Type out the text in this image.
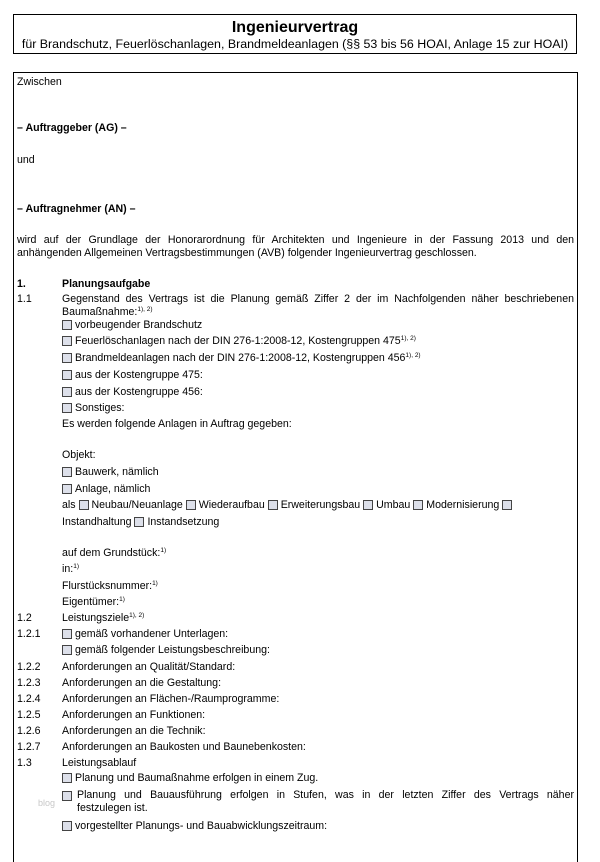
Ingenieurvertrag
für Brandschutz, Feuerlöschanlagen, Brandmeldeanlagen (§§ 53 bis 56 HOAI, Anlage 15 zur HOAI)
Zwischen
– Auftraggeber (AG) –
und
– Auftragnehmer (AN) –
wird auf der Grundlage der Honorarordnung für Architekten und Ingenieure in der Fassung 2013 und den
anhängenden Allgemeinen Vertragsbestimmungen (AVB) folgender Ingenieurvertrag geschlossen.
1.	Planungsaufgabe
1.1	Gegenstand des Vertrags ist die Planung gemäß Ziffer 2 der im Nachfolgenden näher beschriebenen
Baumaßnahme:$^{1), 2)}$
vorbeugender Brandschutz
Feuerlöschanlagen nach der DIN 276-1:2008-12, Kostengruppen $475^{1), 2)}$
Brandmeldeanlagen nach der DIN 276-1:2008-12, Kostengruppen $456^{1), 2)}$
aus der Kostengruppe 475:
aus der Kostengruppe 456:
Sonstiges:
Es werden folgende Anlagen in Auftrag gegeben:
Objekt:
Bauwerk, nämlich
Anlage, nämlich
als Neubau/Neuanlage Wiederaufbau Erweiterungsbau Umbau Modernisierung
Instandhaltung Instandsetzung
auf dem Grundstück:$^{1)}$
in:$^{1)}$
Flurstücksnummer:$^{1)}$
Eigentümer:$^{1)}$
1.2	Leistungsziele$^{1), 2)}$
1.2.1	gemäß vorhandener Unterlagen:
gemäß folgender Leistungsbeschreibung:
1.2.2 Anforderungen an Qualität/Standard:
1.2.3 Anforderungen an die Gestaltung:
1.2.4 Anforderungen an Flächen-/Raumprogramme:
1.2.5 Anforderungen an Funktionen:
1.2.6 Anforderungen an die Technik:
1.2.7 Anforderungen an Baukosten und Baunebenkosten:
1.3	Leistungsablauf
Planung und Baumaßnahme erfolgen in einem Zug.
Planung und Bauausführung erfolgen in Stufen, was in der letzten Ziffer des Vertrags näher
festzulegen ist.
vorgestellter Planungs- und Bauabwicklungszeitraum:
blog
